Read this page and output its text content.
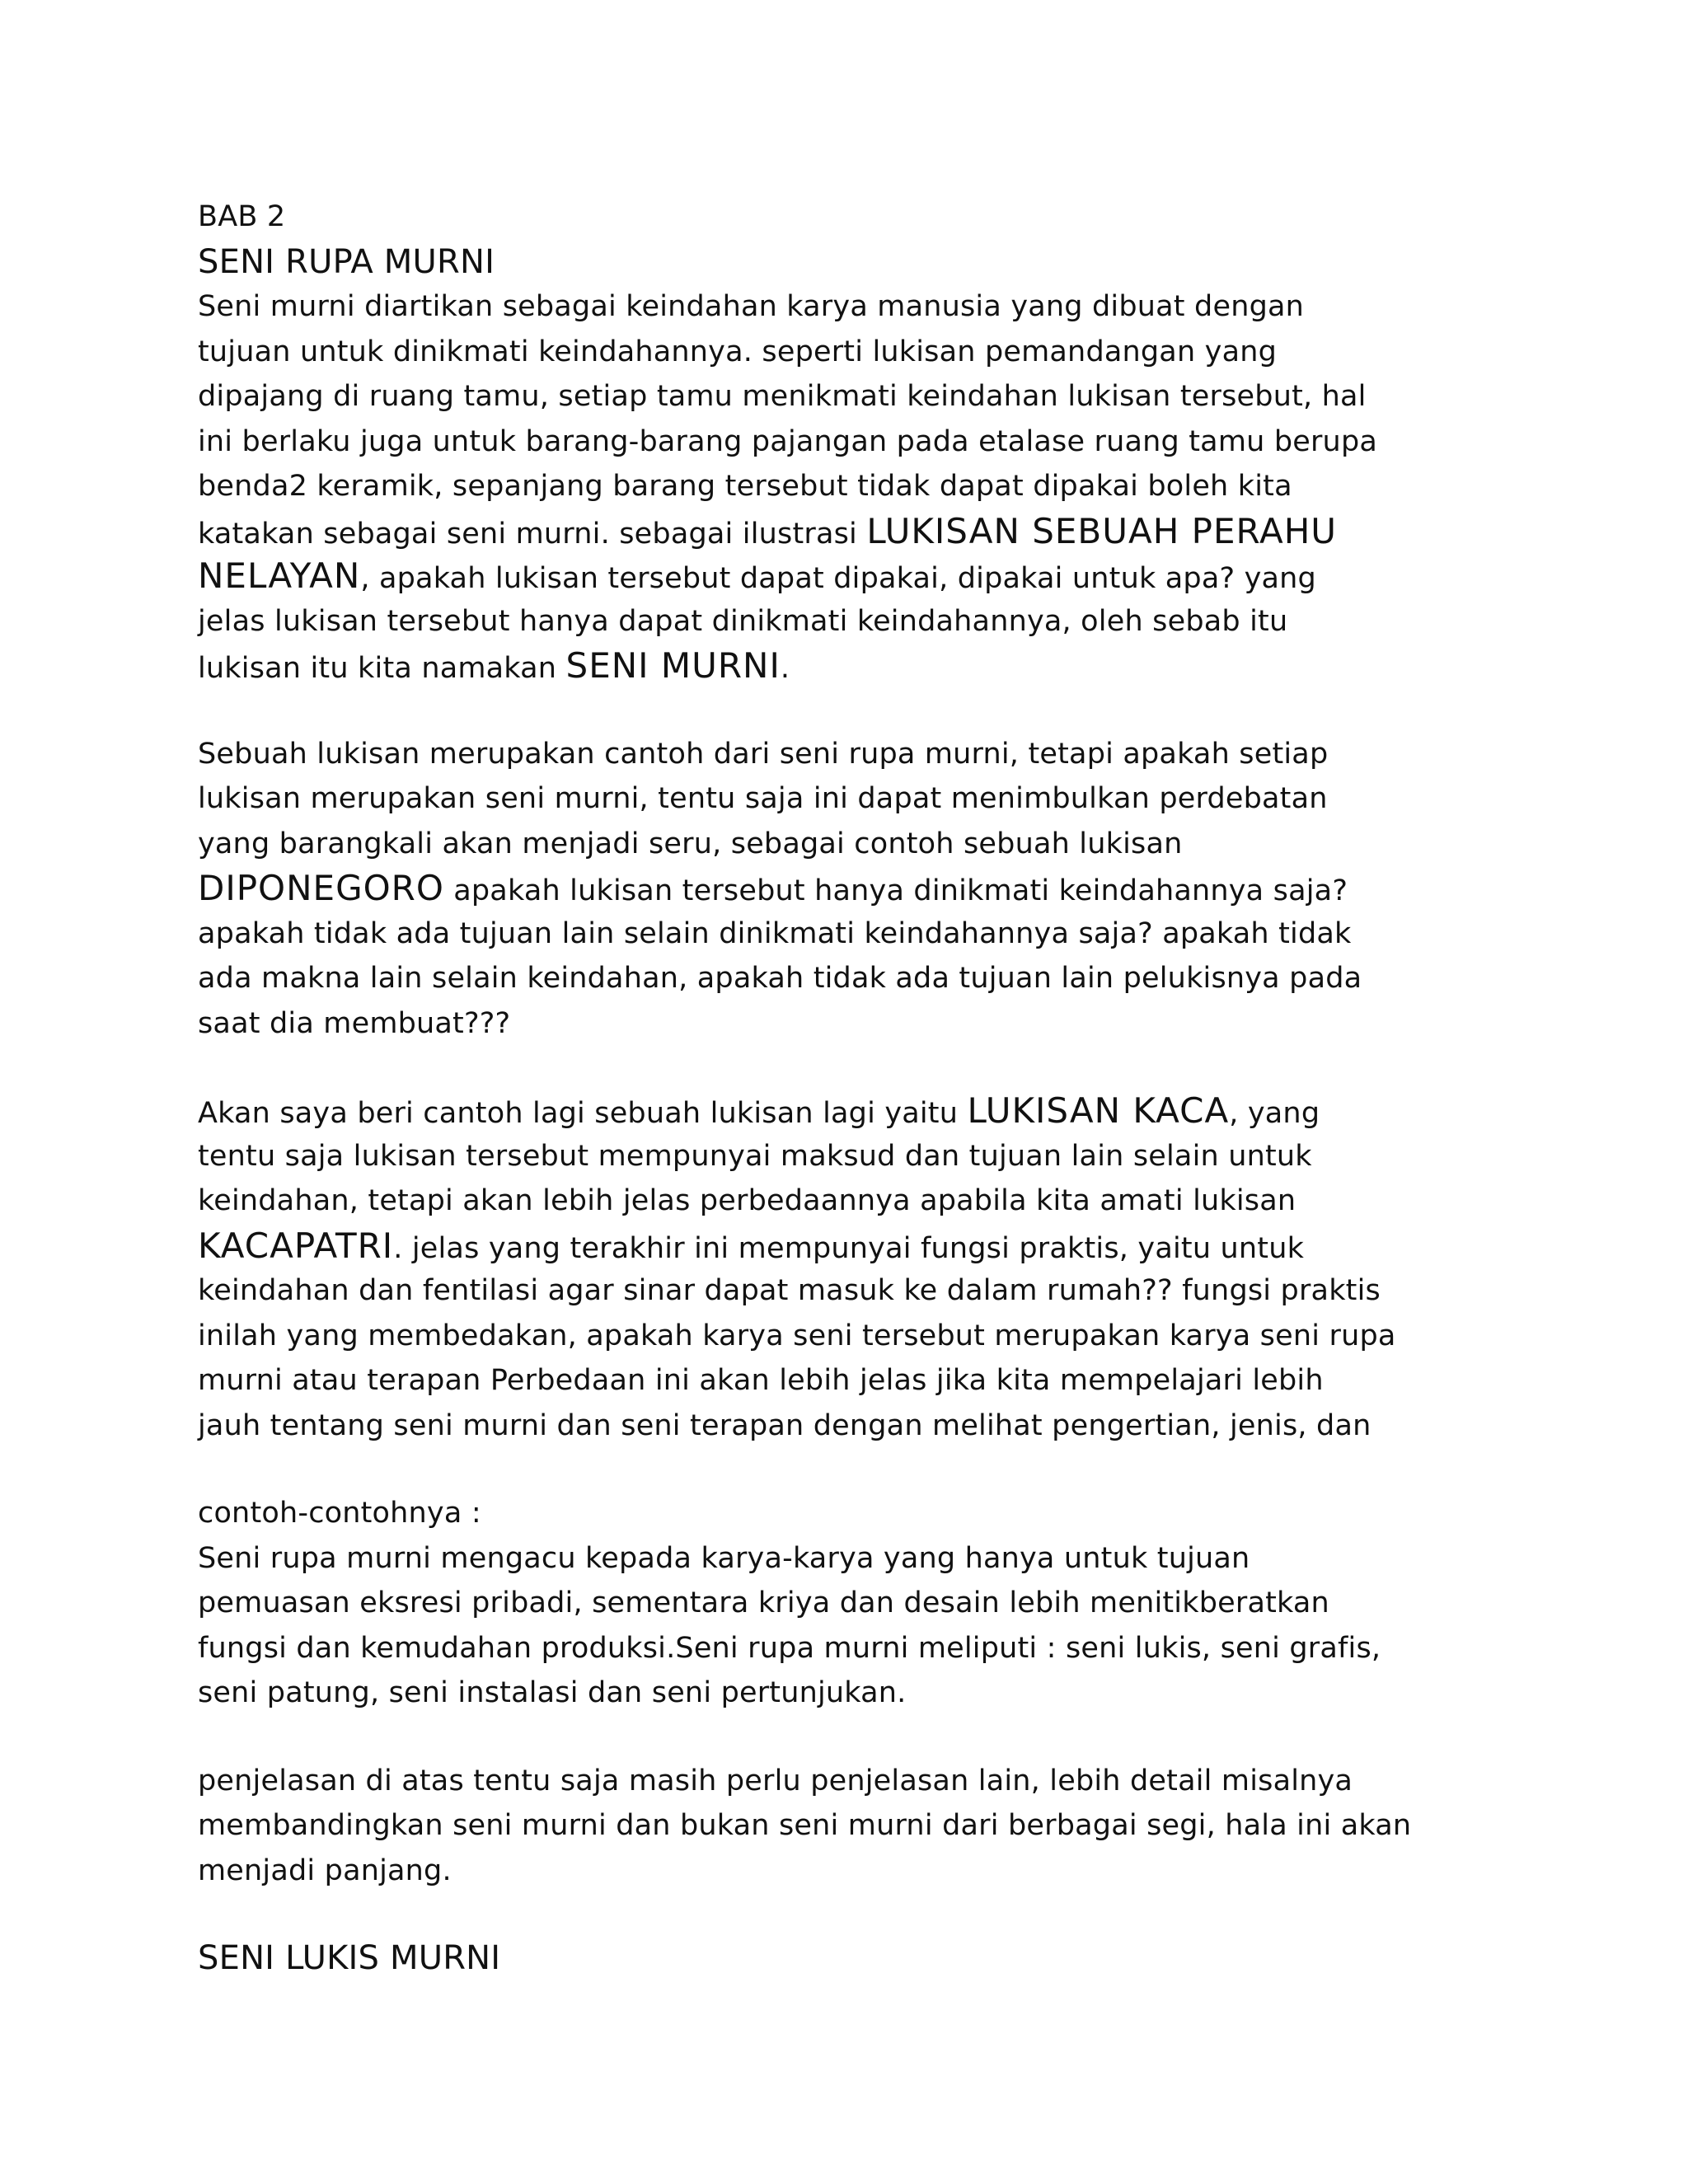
BAB 2
SENI RUPA MURNI
Seni murni diartikan sebagai keindahan karya manusia yang dibuat dengan
tujuan untuk dinikmati keindahannya. seperti lukisan pemandangan yang
dipajang di ruang tamu, setiap tamu menikmati keindahan lukisan tersebut, hal
ini berlaku juga untuk barang-barang pajangan pada etalase ruang tamu berupa
benda2 keramik, sepanjang barang tersebut tidak dapat dipakai boleh kita
katakan sebagai seni murni. sebagai ilustrasi LUKISAN SEBUAH PERAHU
NELAYAN, apakah lukisan tersebut dapat dipakai, dipakai untuk apa? yang
jelas lukisan tersebut hanya dapat dinikmati keindahannya, oleh sebab itu
lukisan itu kita namakan SENI MURNI.
Sebuah lukisan merupakan cantoh dari seni rupa murni, tetapi apakah setiap
lukisan merupakan seni murni, tentu saja ini dapat menimbulkan perdebatan
yang barangkali akan menjadi seru, sebagai contoh sebuah lukisan
DIPONEGORO apakah lukisan tersebut hanya dinikmati keindahannya saja?
apakah tidak ada tujuan lain selain dinikmati keindahannya saja? apakah tidak
ada makna lain selain keindahan, apakah tidak ada tujuan lain pelukisnya pada
saat dia membuat???
Akan saya beri cantoh lagi sebuah lukisan lagi yaitu LUKISAN KACA, yang
tentu saja lukisan tersebut mempunyai maksud dan tujuan lain selain untuk
keindahan, tetapi akan lebih jelas perbedaannya apabila kita amati lukisan
KACAPATRI. jelas yang terakhir ini mempunyai fungsi praktis, yaitu untuk
keindahan dan fentilasi agar sinar dapat masuk ke dalam rumah?? fungsi praktis
inilah yang membedakan, apakah karya seni tersebut merupakan karya seni rupa
murni atau terapan Perbedaan ini akan lebih jelas jika kita mempelajari lebih
jauh tentang seni murni dan seni terapan dengan melihat pengertian, jenis, dan
contoh-contohnya :
Seni rupa murni mengacu kepada karya-karya yang hanya untuk tujuan
pemuasan eksresi pribadi, sementara kriya dan desain lebih menitikberatkan
fungsi dan kemudahan produksi.Seni rupa murni meliputi : seni lukis, seni grafis,
seni patung, seni instalasi dan seni pertunjukan.
penjelasan di atas tentu saja masih perlu penjelasan lain, lebih detail misalnya
membandingkan seni murni dan bukan seni murni dari berbagai segi, hala ini akan
menjadi panjang.
SENI LUKIS MURNI
